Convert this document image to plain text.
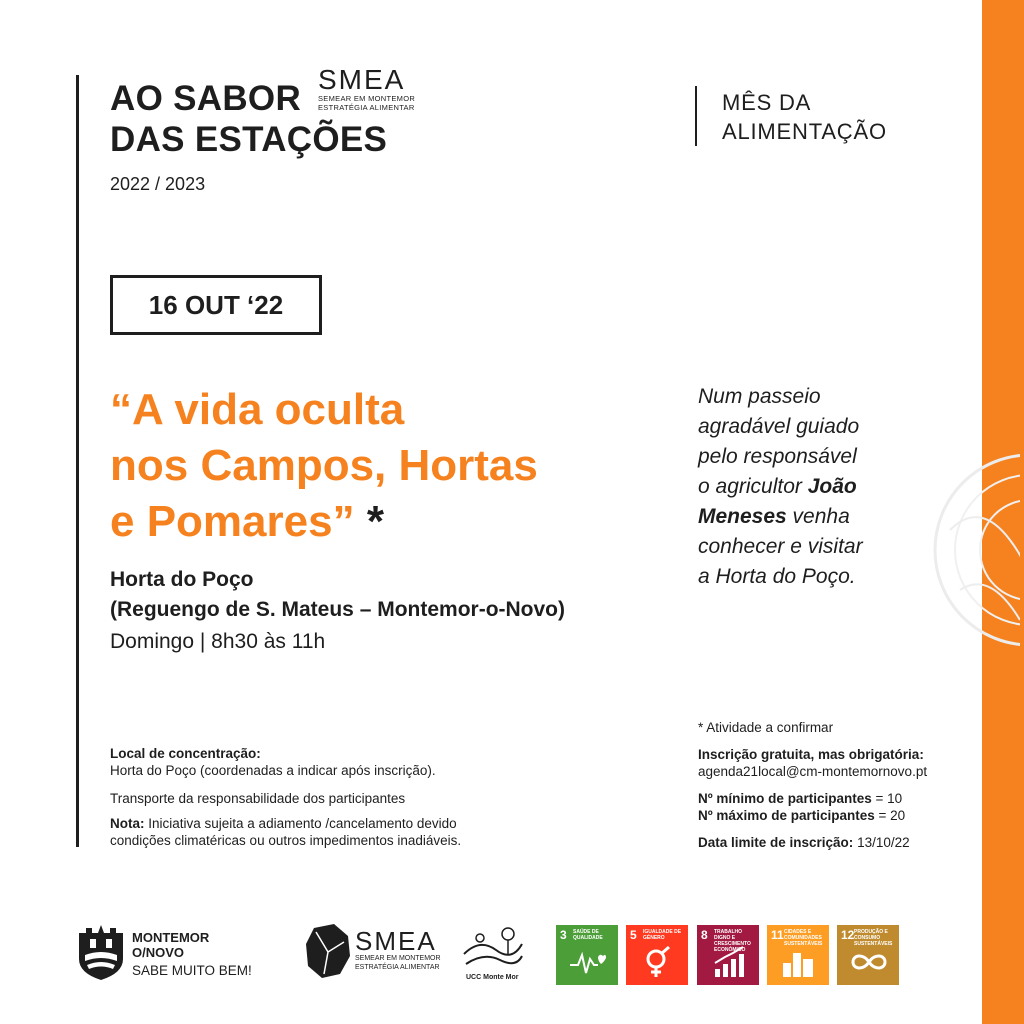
AO SABOR
DAS ESTAÇÕES
2022 / 2023
SMEA
SEMEAR EM MONTEMOR
ESTRATÉGIA ALIMENTAR	MÊS DA
ALIMENTAÇÃO
16 OUT ‘22
“A vida oculta
nos Campos, Hortas
e Pomares” *
Horta do Poço
(Reguengo de S. Mateus – Montemor-o-Novo)
Domingo | 8h30 às 11h
Num passeio
agradável guiado
pelo responsável
o agricultor João
Meneses venha
conhecer e visitar
a Horta do Poço.
Local de concentração:
Horta do Poço (coordenadas a indicar após inscrição).
Transporte da responsabilidade dos participantes
Nota: Iniciativa sujeita a adiamento /cancelamento devido
condições climatéricas ou outros impedimentos inadiáveis.
* Atividade a confirmar
Inscrição gratuita, mas obrigatória:
agenda21local@cm-montemornovo.pt
Nº mínimo de participantes = 10
Nº máximo de participantes = 20
Data limite de inscrição: 13/10/22
MONTEMOR
O/NOVO
SABE MUITO BEM!
SMEA
SEMEAR EM MONTEMOR
ESTRATÉGIA ALIMENTAR
UCC Monte Mor
3 SAÚDE DE QUALIDADE	5 IGUALDADE DE GÉNERO	8 TRABALHO DIGNO E CRESCIMENTO ECONÓMICO
11 CIDADES E COMUNIDADES SUSTENTÁVEIS
12 PRODUÇÃO E CONSUMO SUSTENTÁVEIS
